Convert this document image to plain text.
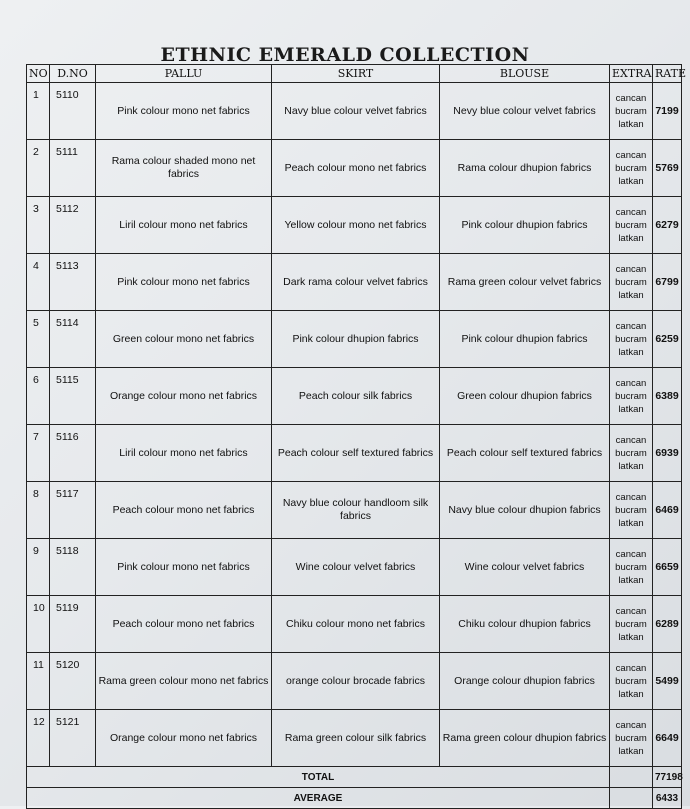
ETHNIC EMERALD COLLECTION
NO	D.NO	PALLU	SKIRT	BLOUSE	EXTRA	RATE
1	5110	Pink colour mono net fabrics	Navy blue colour velvet fabrics	Nevy blue colour velvet fabrics	cancan
bucram
latkan	7199
2	5111	Rama colour shaded mono net fabrics	Peach colour mono net fabrics	Rama colour dhupion fabrics	cancan
bucram
latkan	5769
3	5112	Liril colour mono net fabrics	Yellow colour mono net fabrics	Pink colour dhupion fabrics	cancan
bucram
latkan	6279
4	5113	Pink colour mono net fabrics	Dark rama colour velvet fabrics	Rama green colour velvet fabrics	cancan
bucram
latkan	6799
5	5114	Green colour mono net fabrics	Pink colour dhupion fabrics	Pink colour dhupion fabrics	cancan
bucram
latkan	6259
6	5115	Orange colour mono net fabrics	Peach colour silk fabrics	Green colour dhupion fabrics	cancan
bucram
latkan	6389
7	5116	Liril colour mono net fabrics	Peach colour self textured fabrics	Peach colour self textured fabrics	cancan
bucram
latkan	6939
8	5117	Peach colour mono net fabrics	Navy blue colour handloom silk fabrics	Navy blue colour dhupion fabrics	cancan
bucram
latkan	6469
9	5118	Pink colour mono net fabrics	Wine colour velvet fabrics	Wine colour velvet fabrics	cancan
bucram
latkan	6659
10	5119	Peach colour mono net fabrics	Chiku colour mono net fabrics	Chiku colour dhupion fabrics	cancan
bucram
latkan	6289
11	5120	Rama green colour mono net fabrics	orange colour brocade fabrics	Orange colour dhupion fabrics	cancan
bucram
latkan	5499
12	5121	Orange colour mono net fabrics	Rama green colour silk fabrics	Rama green colour dhupion fabrics	cancan
bucram
latkan	6649
TOTAL						77198
AVERAGE						6433
